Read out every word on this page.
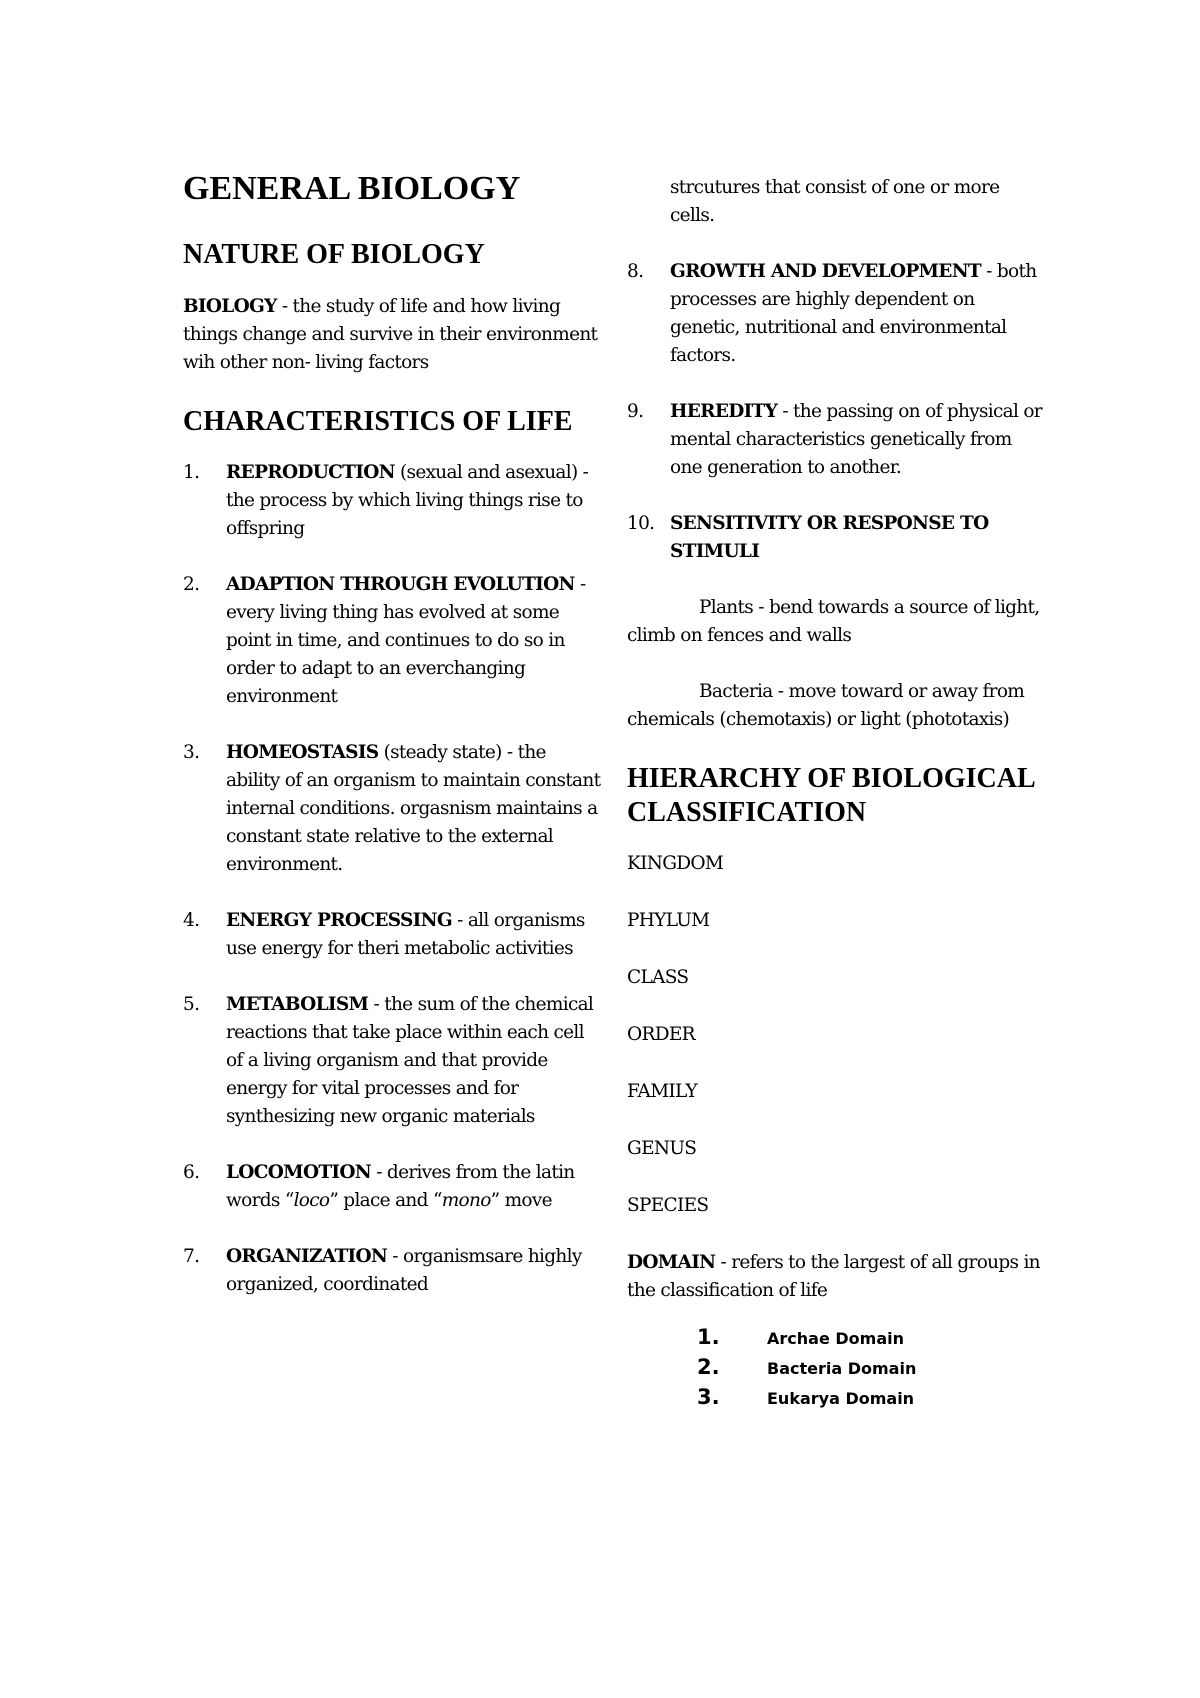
GENERAL BIOLOGY
NATURE OF BIOLOGY

BIOLOGY - the study of life and how living things change and survive in their environment wih other non- living factors

CHARACTERISTICS OF LIFE
1. REPRODUCTION (sexual and asexual) - the process by which living things rise to offspring
2. ADAPTION THROUGH EVOLUTION - every living thing has evolved at some point in time, and continues to do so in order to adapt to an everchanging environment
3. HOMEOSTASIS (steady state) - the ability of an organism to maintain constant internal conditions. orgasnism maintains a constant state relative to the external environment.
4. ENERGY PROCESSING - all organisms use energy for theri metabolic activities
5. METABOLISM - the sum of the chemical reactions that take place within each cell of a living organism and that provide energy for vital processes and for synthesizing new organic materials
6. LOCOMOTION - derives from the latin words “loco” place and “mono” move
7. ORGANIZATION - organismsare highly organized, coordinated
strcutures that consist of one or more cells.
8. GROWTH AND DEVELOPMENT - both processes are highly dependent on genetic, nutritional and environmental factors.
9. HEREDITY - the passing on of physical or mental characteristics genetically from one generation to another.
10. SENSITIVITY OR RESPONSE TO STIMULI

Plants - bend towards a source of light, climb on fences and walls

Bacteria - move toward or away from chemicals (chemotaxis) or light (phototaxis)

HIERARCHY OF BIOLOGICAL CLASSIFICATION
KINGDOM
PHYLUM
CLASS
ORDER
FAMILY
GENUS
SPECIES

DOMAIN - refers to the largest of all groups in the classification of life

1.	Archae Domain
2.	Bacteria Domain
3.	Eukarya Domain
